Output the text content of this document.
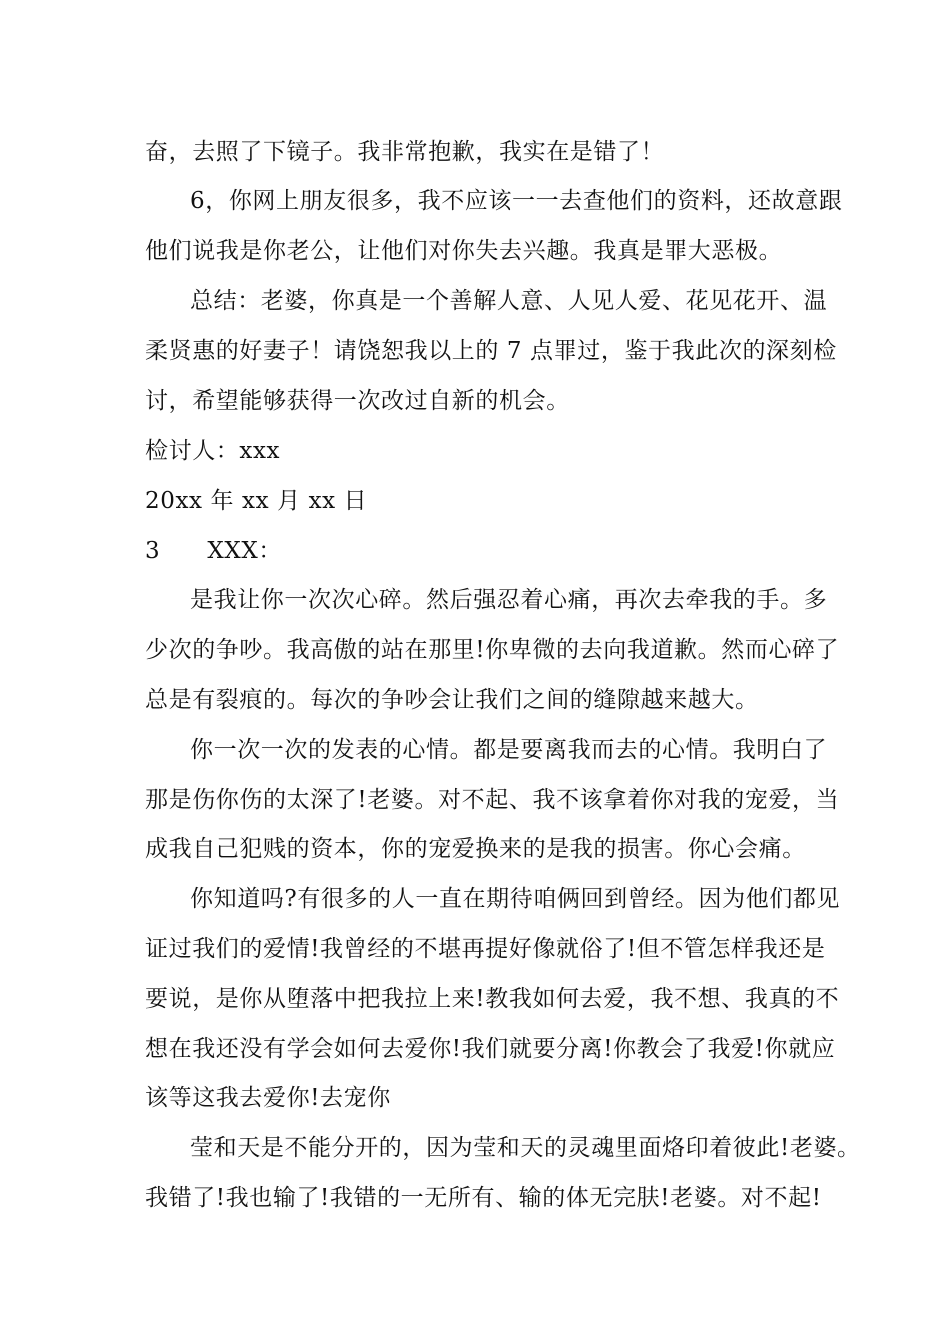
奋，去照了下镜子。我非常抱歉，我实在是错了！
6，你网上朋友很多，我不应该一一去查他们的资料，还故意跟
他们说我是你老公，让他们对你失去兴趣。我真是罪大恶极。
总结：老婆，你真是一个善解人意、人见人爱、花见花开、温
柔贤惠的好妻子！请饶恕我以上的 7 点罪过，鉴于我此次的深刻检
讨，希望能够获得一次改过自新的机会。
检讨人：xxx
20xx 年 xx 月 xx 日
3　　XXX：
是我让你一次次心碎。然后强忍着心痛，再次去牵我的手。多
少次的争吵。我高傲的站在那里!你卑微的去向我道歉。然而心碎了
总是有裂痕的。每次的争吵会让我们之间的缝隙越来越大。
你一次一次的发表的心情。都是要离我而去的心情。我明白了
那是伤你伤的太深了!老婆。对不起、我不该拿着你对我的宠爱，当
成我自己犯贱的资本，你的宠爱换来的是我的损害。你心会痛。
你知道吗?有很多的人一直在期待咱俩回到曾经。因为他们都见
证过我们的爱情!我曾经的不堪再提好像就俗了!但不管怎样我还是
要说，是你从堕落中把我拉上来!教我如何去爱，我不想、我真的不
想在我还没有学会如何去爱你!我们就要分离!你教会了我爱!你就应
该等这我去爱你!去宠你
莹和天是不能分开的，因为莹和天的灵魂里面烙印着彼此!老婆。
我错了!我也输了!我错的一无所有、输的体无完肤!老婆。对不起!
